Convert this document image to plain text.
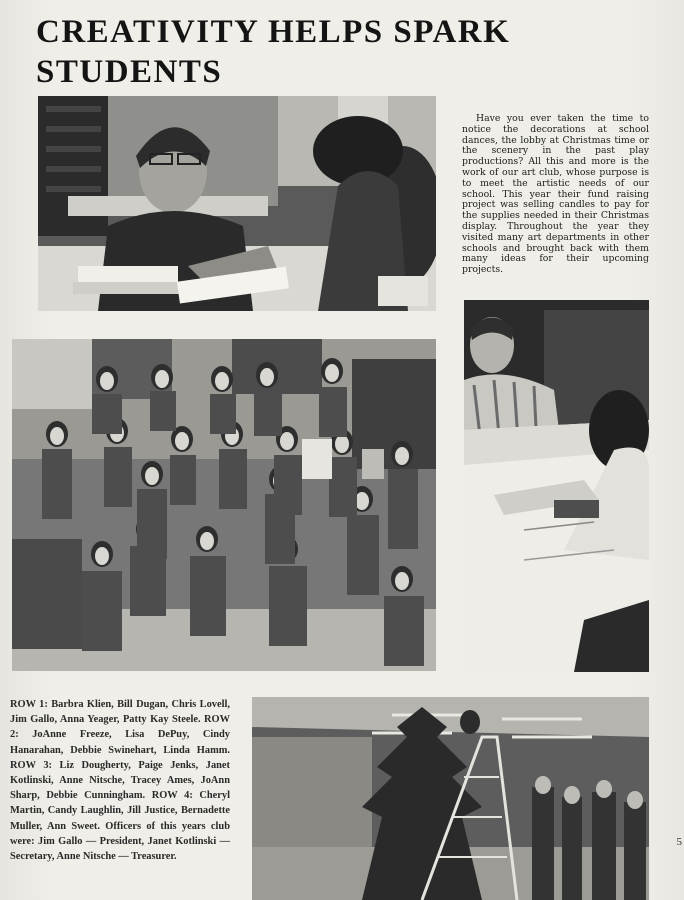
CREATIVITY HELPS SPARK STUDENTS

Have you ever taken the time to notice the decorations at school dances, the lobby at Christmas time or the scenery in the past play productions? All this and more is the work of our art club, whose purpose is to meet the artistic needs of our school. This year their fund raising project was selling candles to pay for the supplies needed in their Christmas display. Throughout the year they visited many art departments in other schools and brought back with them many ideas for their upcoming projects.

ROW 1: Barbra Klien, Bill Dugan, Chris Lovell, Jim Gallo, Anna Yeager, Patty Kay Steele. ROW 2: JoAnne Freeze, Lisa DePuy, Cindy Hanarahan, Debbie Swinehart, Linda Hamm. ROW 3: Liz Dougherty, Paige Jenks, Janet Kotlinski, Anne Nitsche, Tracey Ames, JoAnn Sharp, Debbie Cunningham. ROW 4: Cheryl Martin, Candy Laughlin, Jill Justice, Bernadette Muller, Ann Sweet. Officers of this years club were: Jim Gallo — President, Janet Kotlinski — Secretary, Anne Nitsche — Treasurer.

5
